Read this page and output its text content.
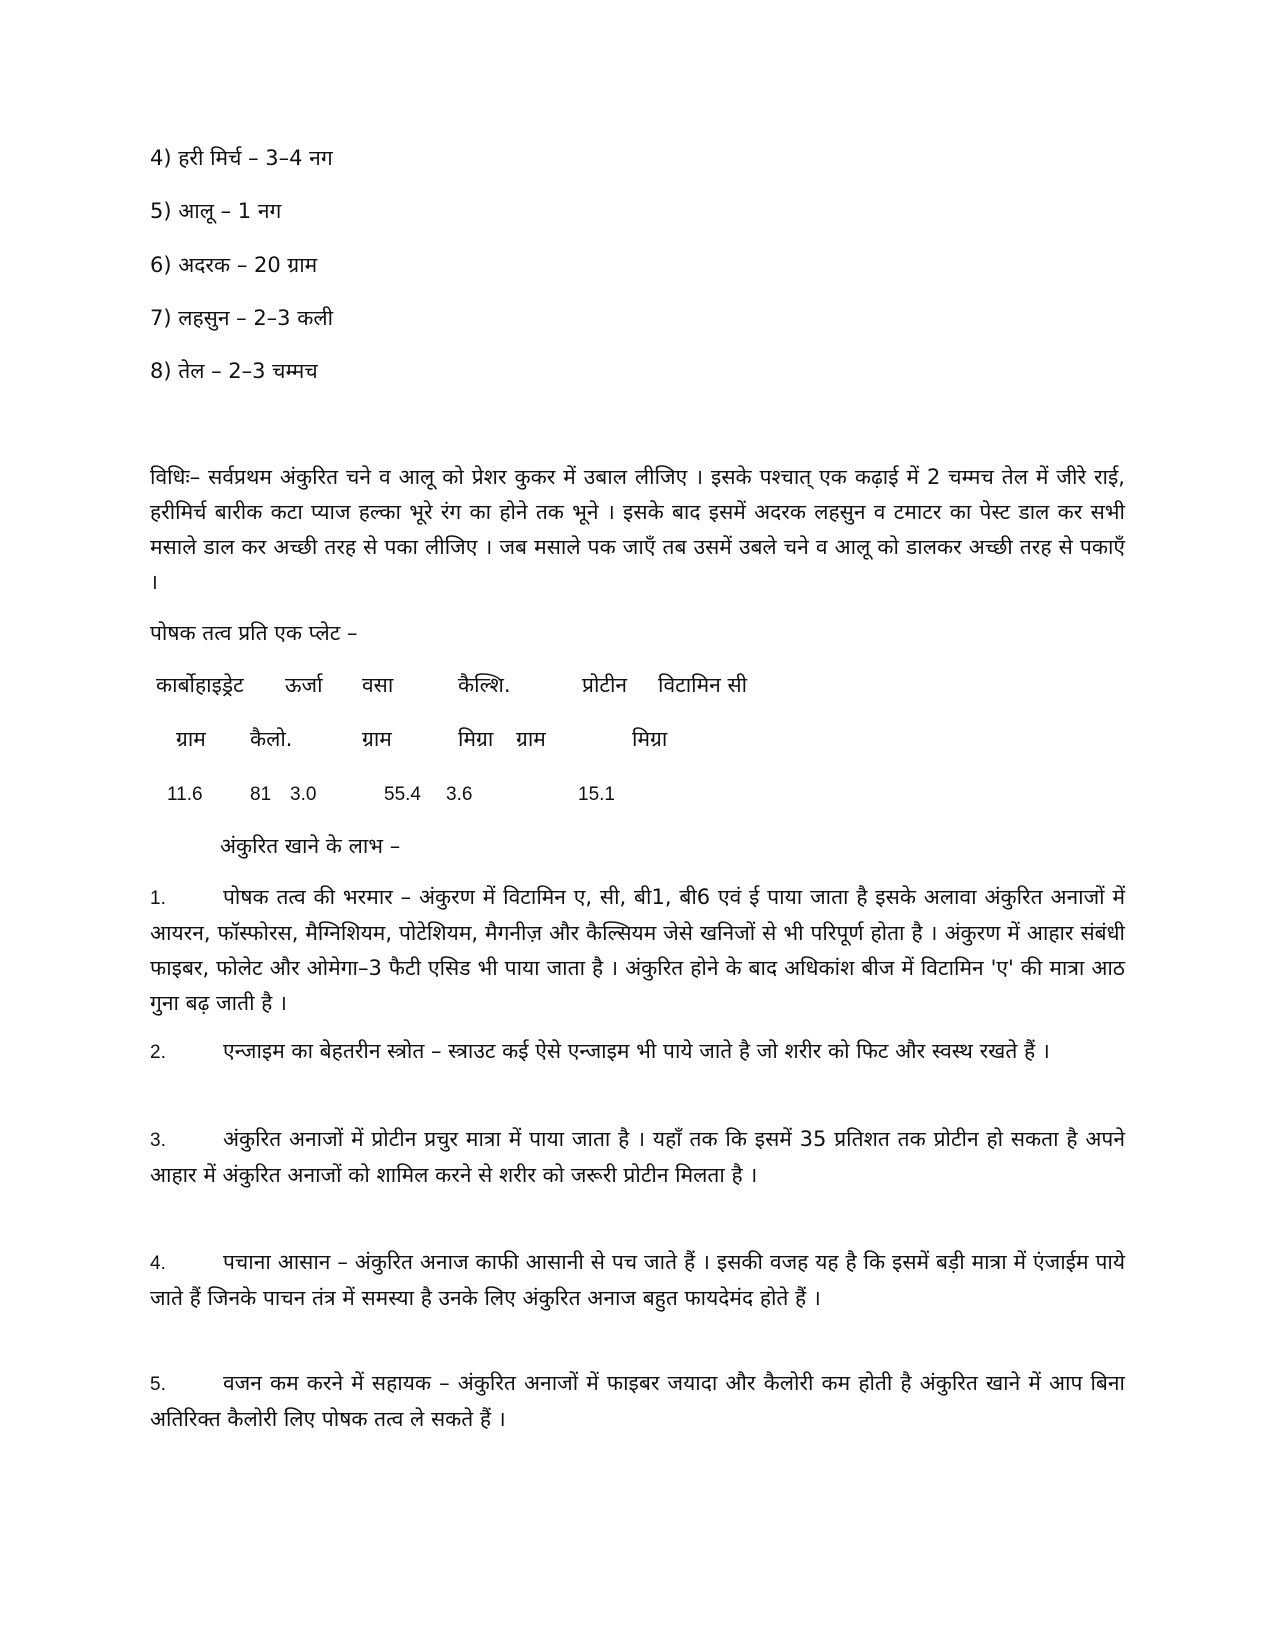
4) हरी मिर्च – 3–4 नग
5) आलू – 1 नग
6) अदरक – 20 ग्राम
7) लहसुन – 2–3 कली
8) तेल – 2–3 चम्मच
विधिः– सर्वप्रथम अंकुरित चने व आलू को प्रेशर कुकर में उबाल लीजिए । इसके पश्चात् एक कढ़ाई में 2 चम्मच तेल में जीरे राई, हरीमिर्च बारीक कटा प्याज हल्का भूरे रंग का होने तक भूने । इसके बाद इसमें अदरक लहसुन व टमाटर का पेस्ट डाल कर सभी मसाले डाल कर अच्छी तरह से पका लीजिए । जब मसाले पक जाएँ तब उसमें उबले चने व आलू को डालकर अच्छी तरह से पकाएँ ।
पोषक तत्व प्रति एक प्लेट –
कार्बोहाइड्रेट ऊर्जा वसा	कैल्शि.	प्रोटीन विटामिन सी
ग्राम कैलो.	ग्राम	मिग्रा ग्राम	मिग्रा
11.6 81 3.0	55.4 3.6	15.1
अंकुरित खाने के लाभ –
1.	पोषक तत्व की भरमार – अंकुरण में विटामिन ए, सी, बी1, बी6 एवं ई पाया जाता है इसके अलावा अंकुरित अनाजों में आयरन, फॉस्फोरस, मैग्निशियम, पोटेशियम, मैगनीज़ और कैल्सियम जेसे खनिजों से भी परिपूर्ण होता है । अंकुरण में आहार संबंधी फाइबर, फोलेट और ओमेगा–3 फैटी एसिड भी पाया जाता है । अंकुरित होने के बाद अधिकांश बीज में विटामिन 'ए' की मात्रा आठ गुना बढ़ जाती है ।
2.	एन्जाइम का बेहतरीन स्त्रोत – स्त्राउट कई ऐसे एन्जाइम भी पाये जाते है जो शरीर को फिट और स्वस्थ रखते हैं ।
3.	अंकुरित अनाजों में प्रोटीन प्रचुर मात्रा में पाया जाता है । यहाँ तक कि इसमें 35 प्रतिशत तक प्रोटीन हो सकता है अपने आहार में अंकुरित अनाजों को शामिल करने से शरीर को जरूरी प्रोटीन मिलता है ।
4.	पचाना आसान – अंकुरित अनाज काफी आसानी से पच जाते हैं । इसकी वजह यह है कि इसमें बड़ी मात्रा में एंजाईम पाये जाते हैं जिनके पाचन तंत्र में समस्या है उनके लिए अंकुरित अनाज बहुत फायदेमंद होते हैं ।
5.	वजन कम करने में सहायक – अंकुरित अनाजों में फाइबर जयादा और कैलोरी कम होती है अंकुरित खाने में आप बिना अतिरिक्त कैलोरी लिए पोषक तत्व ले सकते हैं ।
